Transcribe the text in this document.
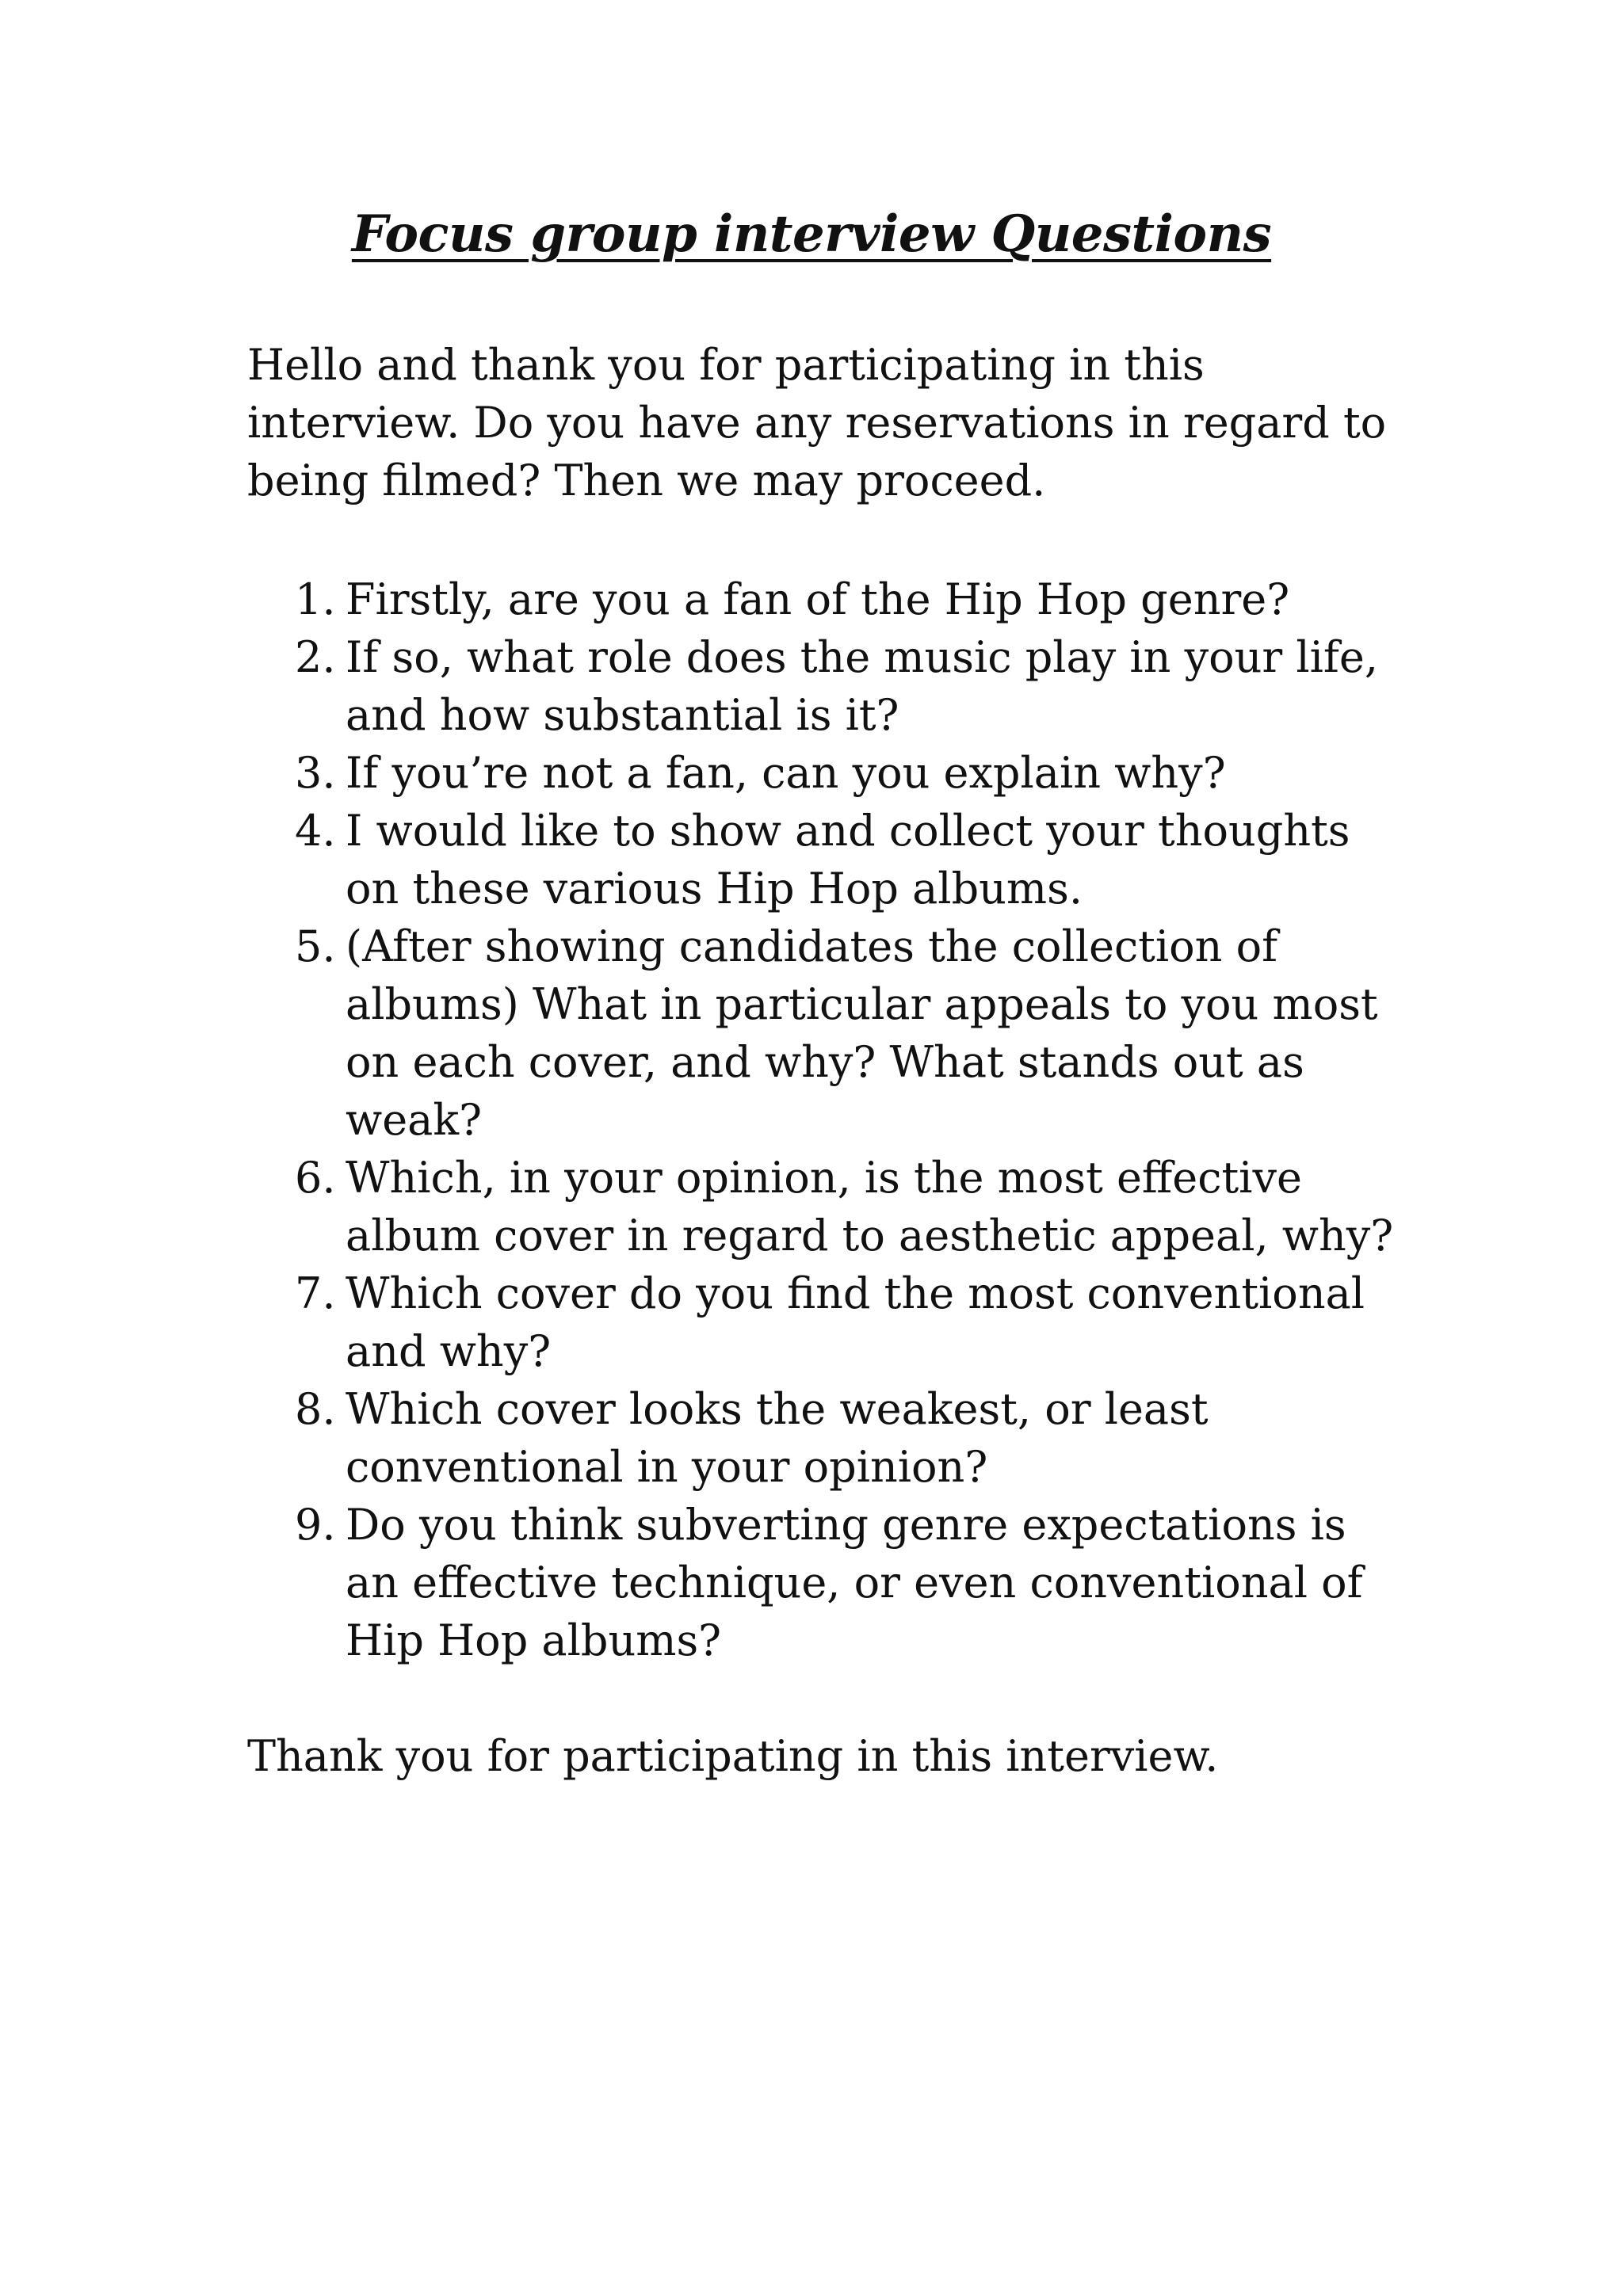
Focus group interview Questions

Hello and thank you for participating in this interview. Do you have any reservations in regard to being filmed? Then we may proceed.

1. Firstly, are you a fan of the Hip Hop genre?
2. If so, what role does the music play in your life, and how substantial is it?
3. If you’re not a fan, can you explain why?
4. I would like to show and collect your thoughts on these various Hip Hop albums.
5. (After showing candidates the collection of albums) What in particular appeals to you most on each cover, and why? What stands out as weak?
6. Which, in your opinion, is the most effective album cover in regard to aesthetic appeal, why?
7. Which cover do you find the most conventional and why?
8. Which cover looks the weakest, or least conventional in your opinion?
9. Do you think subverting genre expectations is an effective technique, or even conventional of Hip Hop albums?

Thank you for participating in this interview.
